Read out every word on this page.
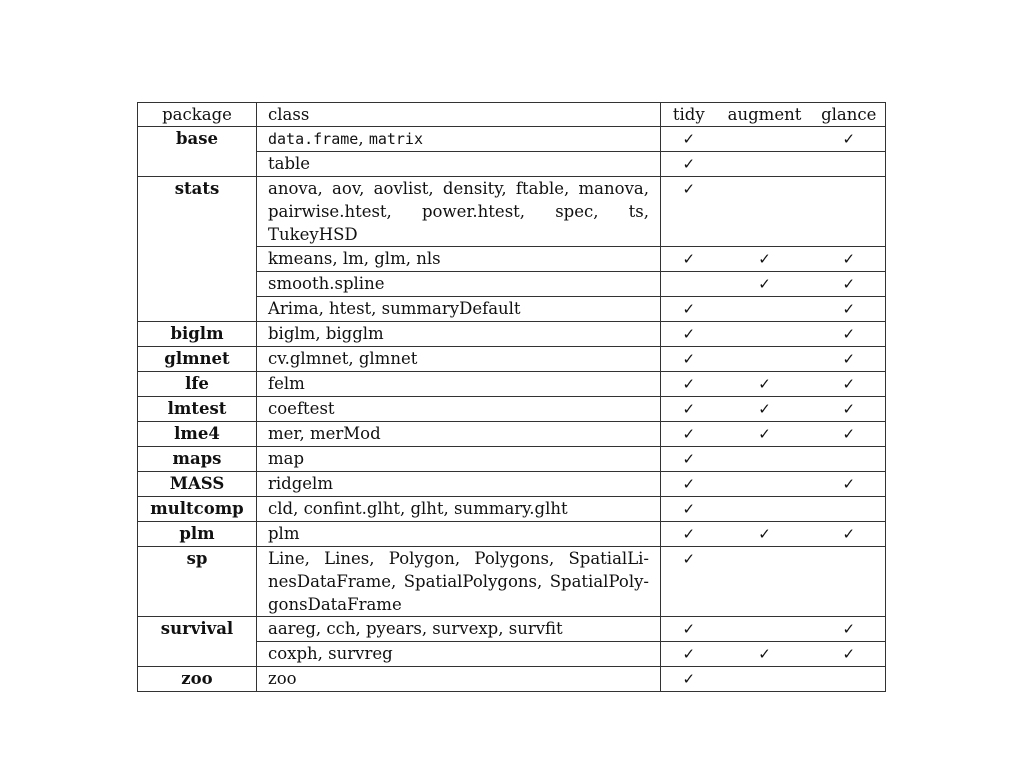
package	class	tidy	augment	glance
base	data.frame, matrix	✓		✓
	table	✓		
stats	anova, aov, aovlist, density, ftable, manova, pairwise.htest, power.htest, spec, ts, TukeyHSD	✓		
	kmeans, lm, glm, nls	✓	✓	✓
	smooth.spline		✓	✓
	Arima, htest, summaryDefault	✓		✓
biglm	biglm, bigglm	✓		✓
glmnet	cv.glmnet, glmnet	✓		✓
lfe	felm	✓	✓	✓
lmtest	coeftest	✓	✓	✓
lme4	mer, merMod	✓	✓	✓
maps	map	✓		
MASS	ridgelm	✓		✓
multcomp	cld, confint.glht, glht, summary.glht	✓		
plm	plm	✓	✓	✓
sp	Line, Lines, Polygon, Polygons, SpatialLinesDataFrame, SpatialPolygons, SpatialPolygonsDataFrame	✓		
survival	aareg, cch, pyears, survexp, survfit	✓		✓
	coxph, survreg	✓	✓	✓
zoo	zoo	✓		
